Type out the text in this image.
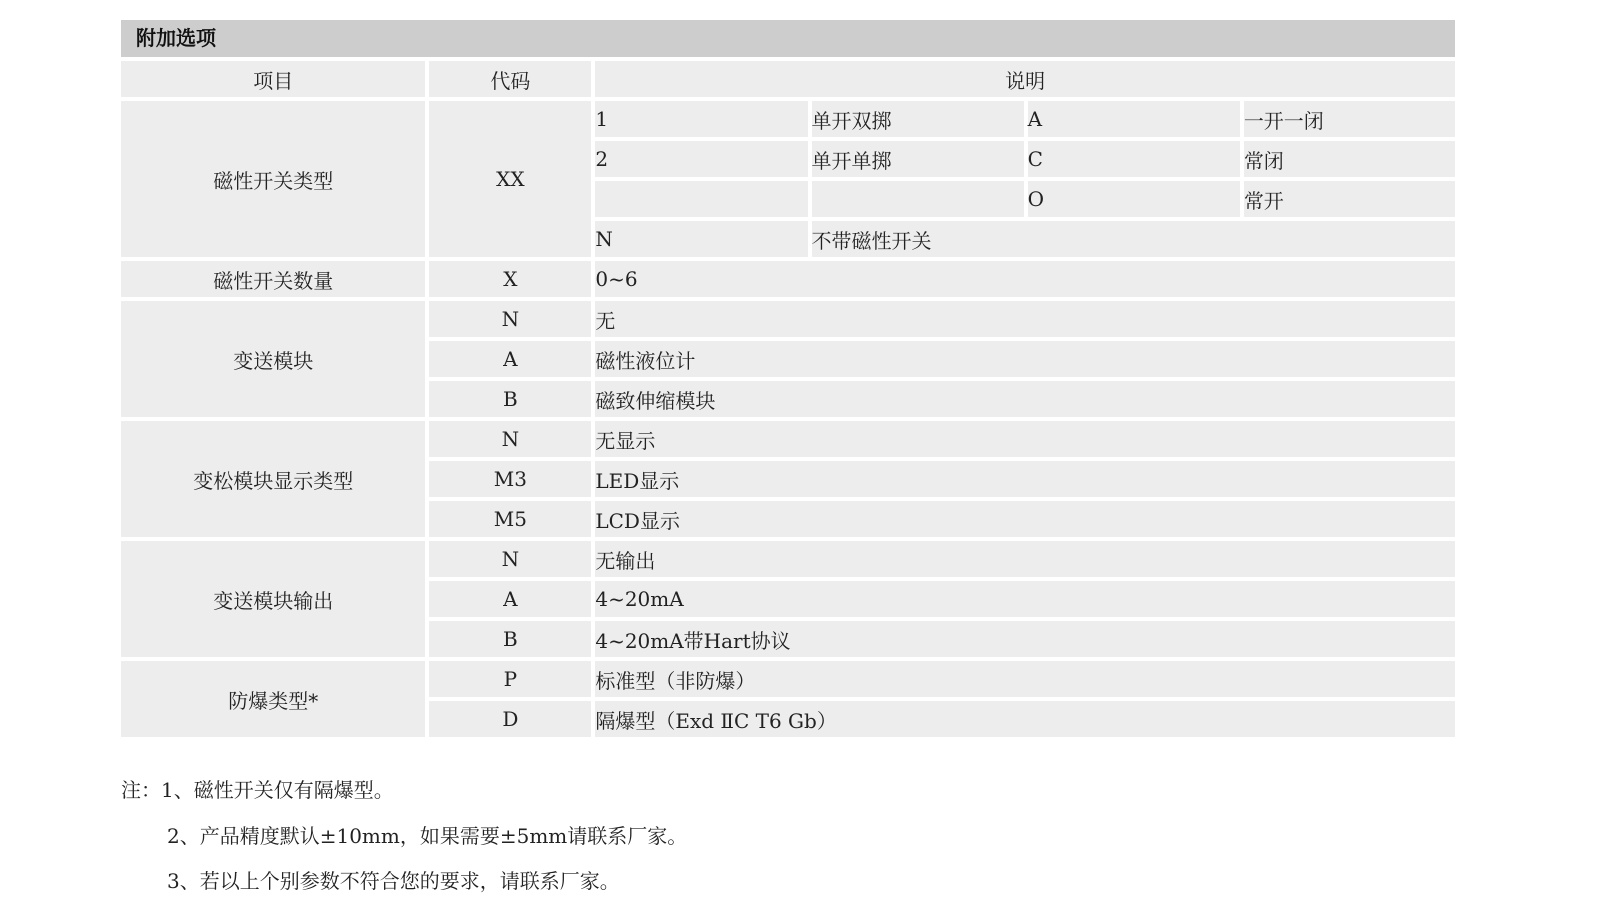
附加选项
项目	代码	说明			
磁性开关类型	XX	1	单开双掷	A	一开一闭
		2	单开单掷	C	常闭
				O	常开
		N	不带磁性开关		
磁性开关数量	X	0~6			
变送模块	N	无			
	A	磁性液位计			
	B	磁致伸缩模块			
变松模块显示类型	N	无显示			
	M3	LED显示			
	M5	LCD显示			
变送模块输出	N	无输出			
	A	4~20mA			
	B	4~20mA带Hart协议			
防爆类型*	P	标准型（非防爆）			
	D	隔爆型（Exd ⅡC T6 Gb）			
注：1、磁性开关仅有隔爆型。
2、产品精度默认±10mm，如果需要±5mm请联系厂家。
3、若以上个别参数不符合您的要求，请联系厂家。
